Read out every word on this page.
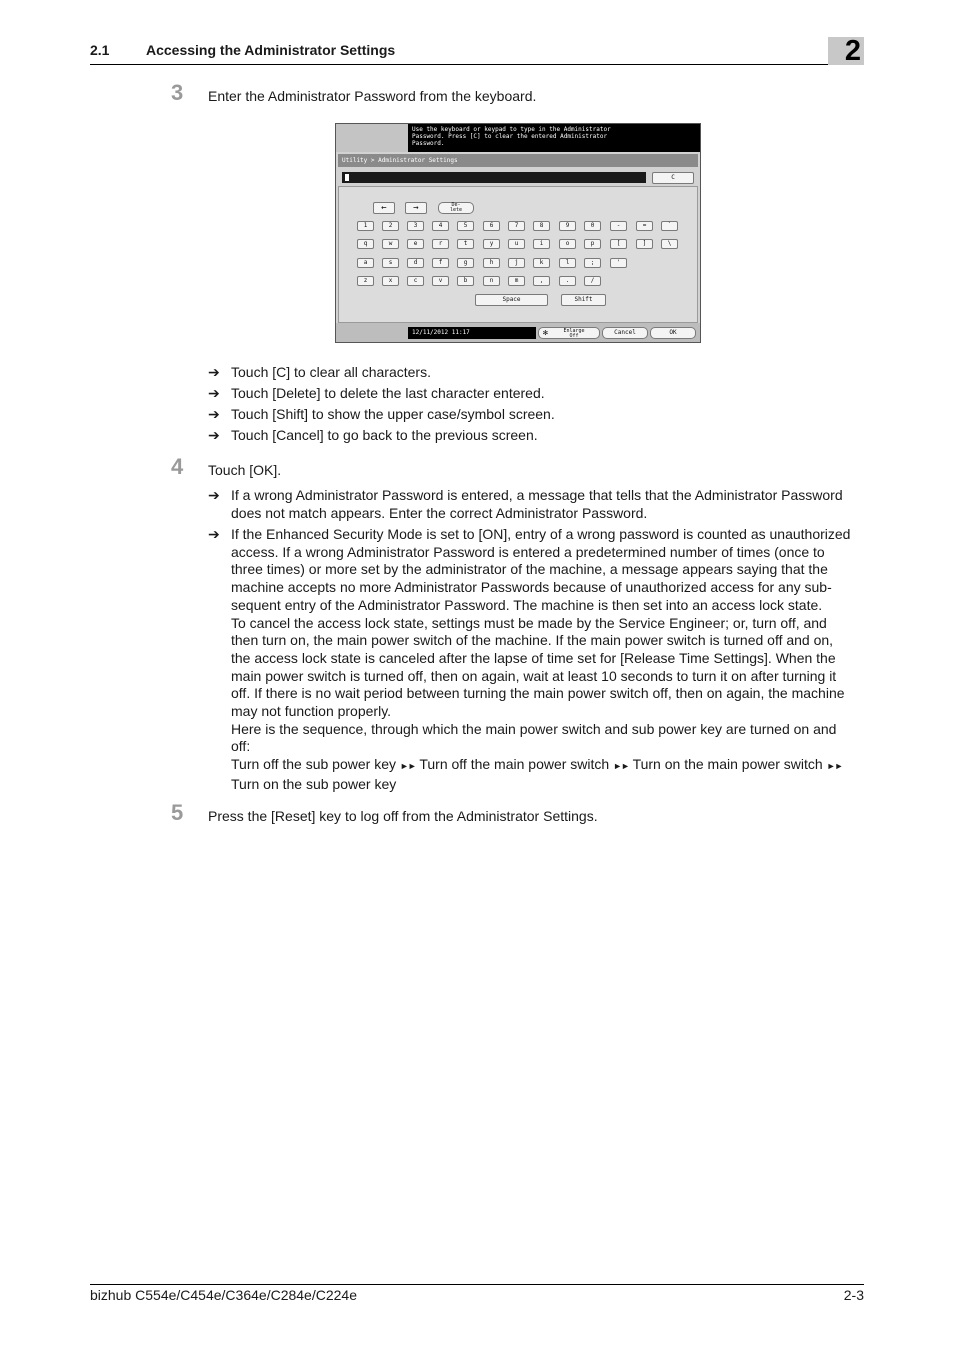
2.1	Accessing the Administrator Settings	2
3 Enter the Administrator Password from the keyboard.
Use the keyboard or keypad to type in the Administrator
Password. Press [C] to clear the entered Administrator
Password.
Utility > Administrator Settings
C
←	→	De-
lete
1	2	3	4	5	6	7	8	9	0	-	=	`
q	w	e	r	t	y	u	i	o	p	[	]	\
a	s	d	f	g	h	j	k	l	;	'
z	x	c	v	b	n	m	,	.	/
Space	Shift
12/11/2012 11:17	✻	Enlarge
Off	Cancel	OK
➔ Touch [C] to clear all characters.
➔ Touch [Delete] to delete the last character entered.
➔ Touch [Shift] to show the upper case/symbol screen.
➔ Touch [Cancel] to go back to the previous screen.
4 Touch [OK].
➔ If a wrong Administrator Password is entered, a message that tells that the Administrator Password
does not match appears. Enter the correct Administrator Password.
➔ If the Enhanced Security Mode is set to [ON], entry of a wrong password is counted as unauthorized
access. If a wrong Administrator Password is entered a predetermined number of times (once to
three times) or more set by the administrator of the machine, a message appears saying that the
machine accepts no more Administrator Passwords because of unauthorized access for any sub-
sequent entry of the Administrator Password. The machine is then set into an access lock state.
To cancel the access lock state, settings must be made by the Service Engineer; or, turn off, and
then turn on, the main power switch of the machine. If the main power switch is turned off and on,
the access lock state is canceled after the lapse of time set for [Release Time Settings]. When the
main power switch is turned off, then on again, wait at least 10 seconds to turn it on after turning it
off. If there is no wait period between turning the main power switch off, then on again, the machine
may not function properly.
Here is the sequence, through which the main power switch and sub power key are turned on and
off:
Turn off the sub power key ►► Turn off the main power switch ►► Turn on the main power switch ►►
Turn on the sub power key
5 Press the [Reset] key to log off from the Administrator Settings.
bizhub C554e/C454e/C364e/C284e/C224e	2-3
